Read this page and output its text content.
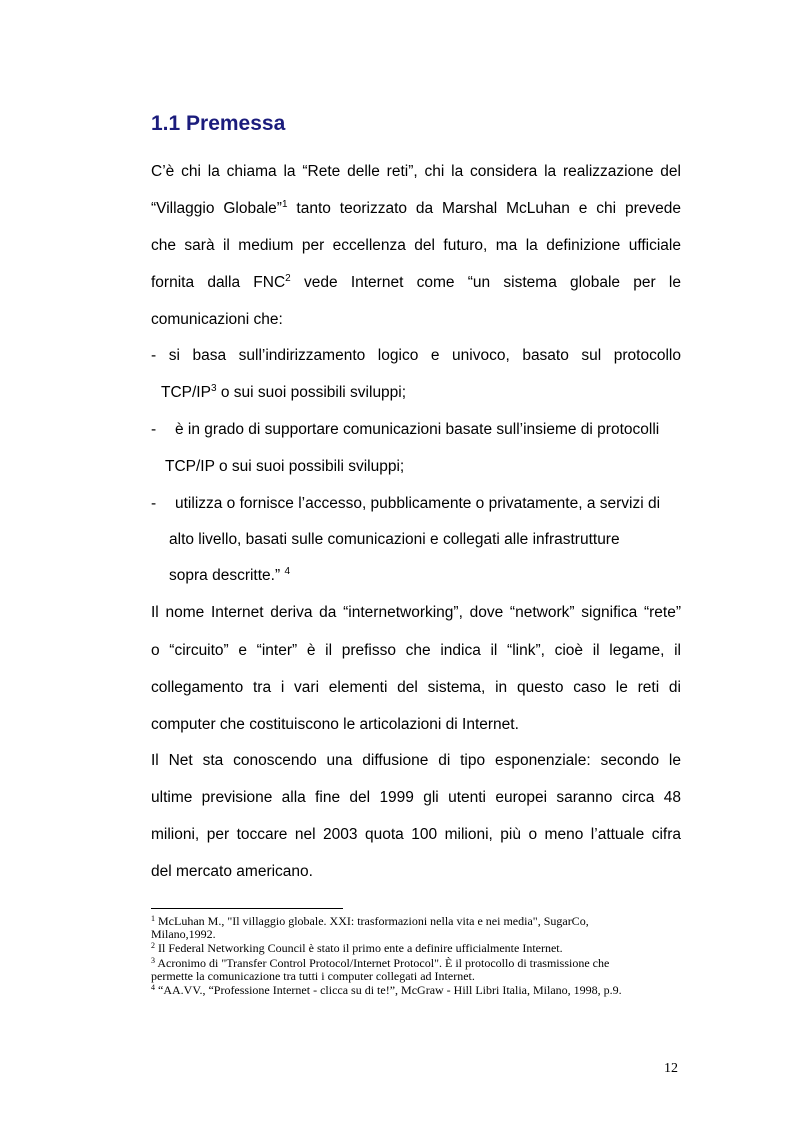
1.1 Premessa
C’è chi la chiama la “Rete delle reti”, chi la considera la realizzazione del
“Villaggio Globale”$^1$ tanto teorizzato da Marshal McLuhan e chi prevede
che sarà il medium per eccellenza del futuro, ma la definizione ufficiale
fornita dalla FNC$^2$ vede Internet come “un sistema globale per le
comunicazioni che:
- si basa sull’indirizzamento logico e univoco, basato sul protocollo
TCP/$IP^3$ o sui suoi possibili sviluppi;
-	è in grado di supportare comunicazioni basate sull’insieme di protocolli
TCP/IP o sui suoi possibili sviluppi;
-	utilizza o fornisce l’accesso, pubblicamente o privatamente, a servizi di
alto livello, basati sulle comunicazioni e collegati alle infrastrutture
sopra descritte.” $^4$
Il nome Internet deriva da “internetworking”, dove “network” significa “rete”
o “circuito” e “inter” è il prefisso che indica il “link”, cioè il legame, il
collegamento tra i vari elementi del sistema, in questo caso le reti di
computer che costituiscono le articolazioni di Internet.
Il Net sta conoscendo una diffusione di tipo esponenziale: secondo le
ultime previsione alla fine del 1999 gli utenti europei saranno circa 48
milioni, per toccare nel 2003 quota 100 milioni, più o meno l’attuale cifra
del mercato americano.
$^1$ McLuhan M., "Il villaggio globale. XXI: trasformazioni nella vita e nei media", SugarCo,
Milano,1992.
$^2$ Il Federal Networking Council è stato il primo ente a definire ufficialmente Internet.
$^3$ Acronimo di "Transfer Control Protocol/Internet Protocol". È il protocollo di trasmissione che
permette la comunicazione tra tutti i computer collegati ad Internet.
$^4$ “AA.VV., “Professione Internet - clicca su di te!”, McGraw - Hill Libri Italia, Milano, 1998, p.9.
12
